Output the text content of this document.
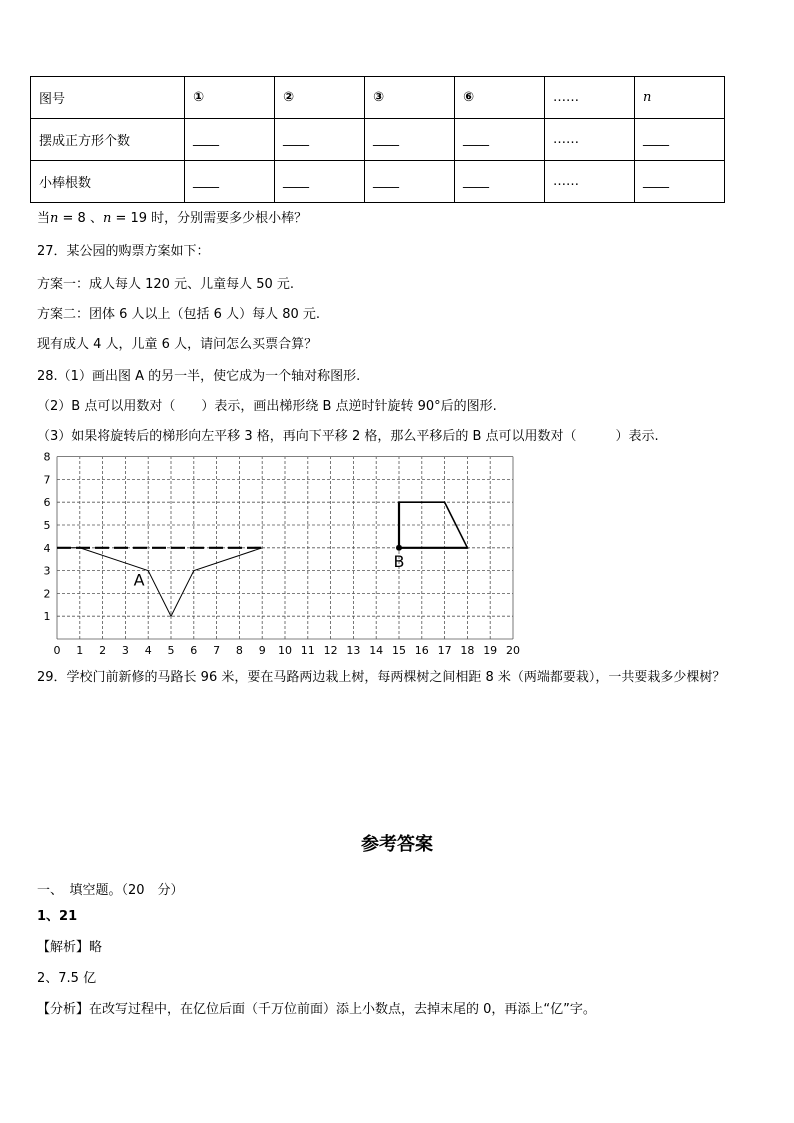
图号	①	②	③	⑥	……	n
摆成正方形个数	____	____	____	____	……	____
小棒根数	____	____	____	____	……	____
当n = 8 、n = 19 时，分别需要多少根小棒？
27．某公园的购票方案如下：
方案一：成人每人 120 元、儿童每人 50 元.
方案二：团体 6 人以上（包括 6 人）每人 80 元.
现有成人 4 人，儿童 6 人，请问怎么买票合算？
28.（1）画出图 A 的另一半，使它成为一个轴对称图形.
（2）B 点可以用数对（　　）表示，画出梯形绕 B 点逆时针旋转 90°后的图形.
（3）如果将旋转后的梯形向左平移 3 格，再向下平移 2 格，那么平移后的 B 点可以用数对（　　　）表示.
0 1 2 3 4 5 6 7 8 9 10 11 12 13 14 15 16 17 18 19 20
1
2
3
4
5
6
7
8
A
B
29．学校门前新修的马路长 96 米，要在马路两边栽上树，每两棵树之间相距 8 米（两端都要栽），一共要栽多少棵树？
参考答案
一、　填空题。（20　分）
1、21
【解析】略
2、7.5 亿
【分析】在改写过程中，在亿位后面（千万位前面）添上小数点，去掉末尾的 0，再添上“亿”字。
